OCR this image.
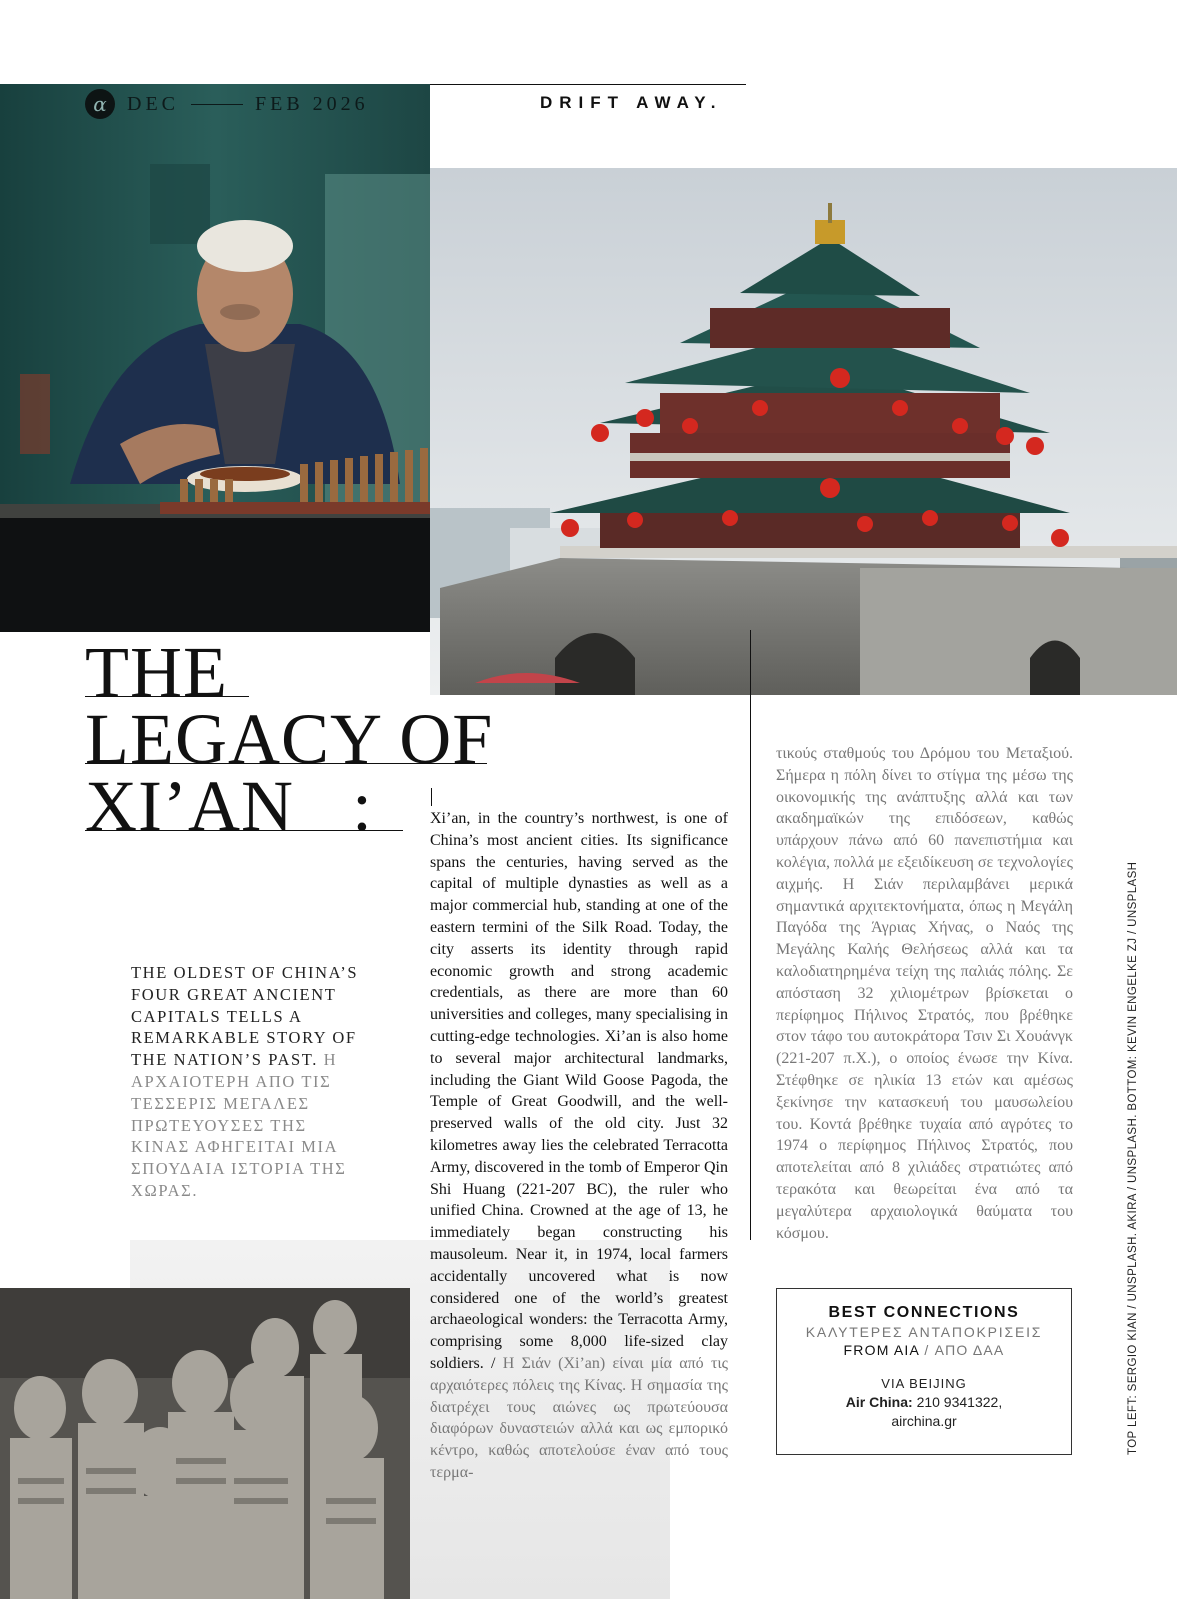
α	DEC	FEB 2026	DRIFT AWAY.
THE
LEGACY OF
XI’AN :
THE OLDEST OF CHINA’S FOUR GREAT ANCIENT CAPITALS TELLS A REMARKABLE STORY OF THE NATION’S PAST. Η ΑΡΧΑΙΟΤΕΡΗ ΑΠΟ ΤΙΣ ΤΕΣΣΕΡΙΣ ΜΕΓΑΛΕΣ ΠΡΩΤΕΥΟΥΣΕΣ ΤΗΣ ΚΙΝΑΣ ΑΦΗΓΕΙΤΑΙ ΜΙΑ ΣΠΟΥΔΑΙΑ ΙΣΤΟΡΙΑ ΤΗΣ ΧΩΡΑΣ.
Xi’an, in the country’s northwest, is one of China’s most ancient cities. Its significance spans the centuries, having served as the capital of multiple dynasties as well as a major commercial hub, standing at one of the eastern termini of the Silk Road. Today, the city asserts its identity through rapid economic growth and strong academic credentials, as there are more than 60 universities and colleges, many specialising in cutting-edge technologies. Xi’an is also home to several major architectural landmarks, including the Giant Wild Goose Pagoda, the Temple of Great Goodwill, and the well-preserved walls of the old city. Just 32 kilometres away lies the celebrated Terracotta Army, discovered in the tomb of Emperor Qin Shi Huang (221-207 BC), the ruler who unified China. Crowned at the age of 13, he immediately began constructing his mausoleum. Near it, in 1974, local farmers accidentally uncovered what is now considered one of the world’s greatest archaeological wonders: the Terracotta Army, comprising some 8,000 life-sized clay soldiers. / Η Σιάν (Xi’an) είναι μία από τις αρχαιότερες πόλεις της Κίνας. Η σημασία της διατρέχει τους αιώνες ως πρωτεύουσα διαφόρων δυναστειών αλλά και ως εμπορικό κέντρο, καθώς αποτελούσε έναν από τους τερμα-
τικούς σταθμούς του Δρόμου του Μεταξιού. Σήμερα η πόλη δίνει το στίγμα της μέσω της οικονομικής της ανάπτυξης αλλά και των ακαδημαϊκών της επιδόσεων, καθώς υπάρχουν πάνω από 60 πανεπιστήμια και κολέγια, πολλά με εξειδίκευση σε τεχνολογίες αιχμής. Η Σιάν περιλαμβάνει μερικά σημαντικά αρχιτεκτονήματα, όπως η Μεγάλη Παγόδα της Άγριας Χήνας, ο Ναός της Μεγάλης Καλής Θελήσεως αλλά και τα καλοδιατηρημένα τείχη της παλιάς πόλης. Σε απόσταση 32 χιλιομέτρων βρίσκεται ο περίφημος Πήλινος Στρατός, που βρέθηκε στον τάφο του αυτοκράτορα Τσιν Σι Χουάνγκ (221-207 π.Χ.), ο οποίος ένωσε την Κίνα. Στέφθηκε σε ηλικία 13 ετών και αμέσως ξεκίνησε την κατασκευή του μαυσωλείου του. Κοντά βρέθηκε τυχαία από αγρότες το 1974 ο περίφημος Πήλινος Στρατός, που αποτελείται από 8 χιλιάδες στρατιώτες από τερακότα και θεωρείται ένα από τα μεγαλύτερα αρχαιολογικά θαύματα του κόσμου.
BEST CONNECTIONS
ΚΑΛΥΤΕΡΕΣ ΑΝΤΑΠΟΚΡΙΣΕΙΣ
FROM AIA / ΑΠΟ ΔΑΑ
VIA BEIJING
Air China: 210 9341322,
airchina.gr	TOP LEFT: SERGIO KIAN / UNSPLASH. AKIRA / UNSPLASH. BOTTOM: KEVIN ENGELKE ZJ / UNSPLASH
